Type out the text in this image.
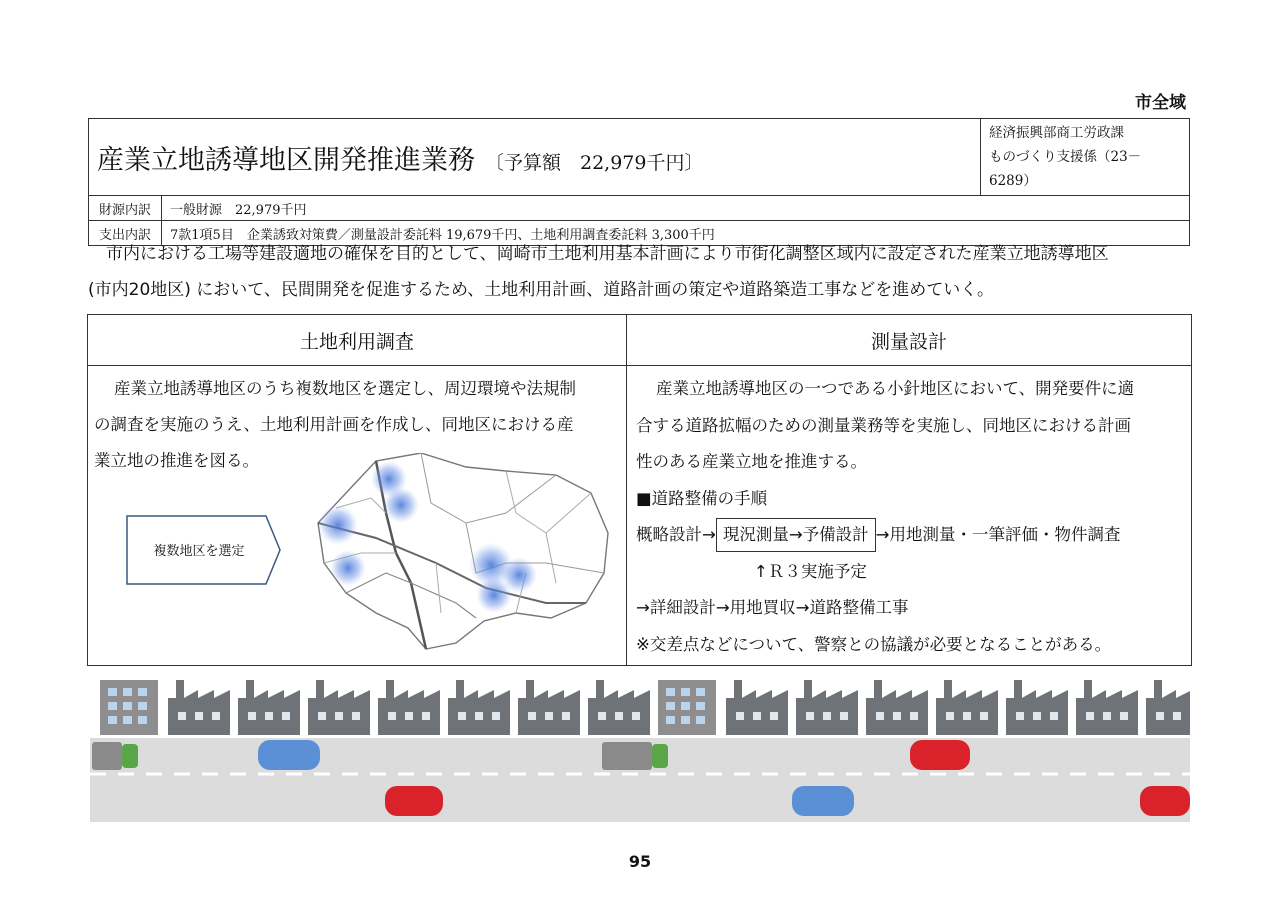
市全域
産業立地誘導地区開発推進業務 〔予算額　22,979千円〕		経済振興部商工労政課
ものづくり支援係（23－6289）

財源内訳	一般財源　22,979千円	
支出内訳	7款1項5目　企業誘致対策費／測量設計委託料 19,679千円、土地利用調査委託料 3,300千円	
市内における工場等建設適地の確保を目的として、岡崎市土地利用基本計画により市街化調整区域内に設定された産業立地誘導地区
(市内20地区) において、民間開発を促進するため、土地利用計画、道路計画の策定や道路築造工事などを進めていく。
土地利用調査	測量設計
産業立地誘導地区のうち複数地区を選定し、周辺環境や法規制
の調査を実施のうえ、土地利用計画を作成し、同地区における産
業立地の推進を図る。
複数地区を選定
産業立地誘導地区の一つである小針地区において、開発要件に適
合する道路拡幅のための測量業務等を実施し、同地区における計画
性のある産業立地を推進する。
■道路整備の手順
概略設計→ 現況測量→予備設計 →用地測量・一筆評価・物件調査
↑Ｒ３実施予定
→詳細設計→用地買収→道路整備工事
※交差点などについて、警察との協議が必要となることがある。
95
